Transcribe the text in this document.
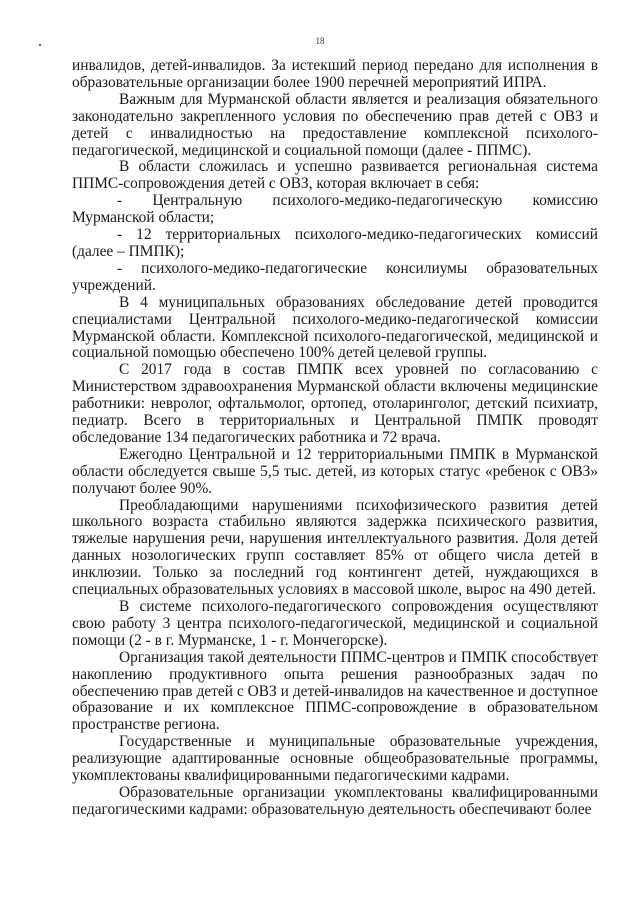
18

инвалидов, детей-инвалидов. За истекший период передано для исполнения в образовательные организации более 1900 перечней мероприятий ИПРА.

Важным для Мурманской области является и реализация обязательного законодательно закрепленного условия по обеспечению прав детей с ОВЗ и детей с инвалидностью на предоставление комплексной психолого-педагогической, медицинской и социальной помощи (далее - ППМС).

В области сложилась и успешно развивается региональная система ППМС-сопровождения детей с ОВЗ, которая включает в себя:

- Центральную психолого-медико-педагогическую комиссию Мурманской области;

- 12 территориальных психолого-медико-педагогических комиссий (далее – ПМПК);

- психолого-медико-педагогические консилиумы образовательных учреждений.

В 4 муниципальных образованиях обследование детей проводится специалистами Центральной психолого-медико-педагогической комиссии Мурманской области. Комплексной психолого-педагогической, медицинской и социальной помощью обеспечено 100% детей целевой группы.

С 2017 года в состав ПМПК всех уровней по согласованию с Министерством здравоохранения Мурманской области включены медицинские работники: невролог, офтальмолог, ортопед, отоларинголог, детский психиатр, педиатр. Всего в территориальных и Центральной ПМПК проводят обследование 134 педагогических работника и 72 врача.

Ежегодно Центральной и 12 территориальными ПМПК в Мурманской области обследуется свыше 5,5 тыс. детей, из которых статус «ребенок с ОВЗ» получают более 90%.

Преобладающими нарушениями психофизического развития детей школьного возраста стабильно являются задержка психического развития, тяжелые нарушения речи, нарушения интеллектуального развития. Доля детей данных нозологических групп составляет 85% от общего числа детей в инклюзии. Только за последний год контингент детей, нуждающихся в специальных образовательных условиях в массовой школе, вырос на 490 детей.

В системе психолого-педагогического сопровождения осуществляют свою работу 3 центра психолого-педагогической, медицинской и социальной помощи (2 - в г. Мурманске, 1 - г. Мончегорске).

Организация такой деятельности ППМС-центров и ПМПК способствует накоплению продуктивного опыта решения разнообразных задач по обеспечению прав детей с ОВЗ и детей-инвалидов на качественное и доступное образование и их комплексное ППМС-сопровождение в образовательном пространстве региона.

Государственные и муниципальные образовательные учреждения, реализующие адаптированные основные общеобразовательные программы, укомплектованы квалифицированными педагогическими кадрами.

Образовательные организации укомплектованы квалифицированными педагогическими кадрами: образовательную деятельность обеспечивают более
